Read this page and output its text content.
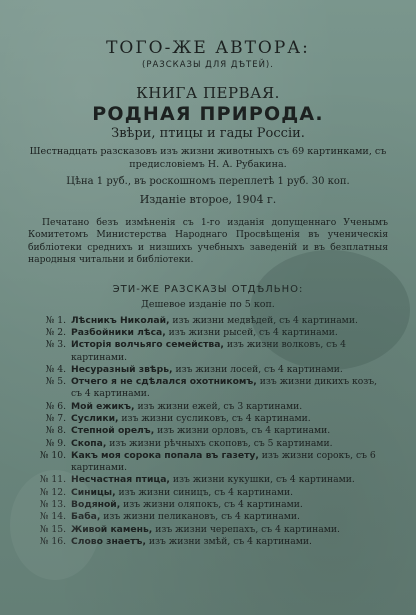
ТОГО-ЖЕ АВТОРА:

(РАЗСКАЗЫ ДЛЯ ДѢТЕЙ).

КНИГА ПЕРВАЯ.

РОДНАЯ ПРИРОДА.

Звѣри, птицы и гады Россіи.

Шестнадцать разсказовъ изъ жизни животныхъ съ 69 картинками, съ предисловіемъ Н. А. Рубакина.

Цѣна 1 руб., въ роскошномъ переплетѣ 1 руб. 30 коп.

Изданіе второе, 1904 г.

Печатано безъ измѣненія съ 1-го изданія допущеннаго Ученымъ Комитетомъ Министерства Народнаго Просвѣщенія въ ученическія библіотеки среднихъ и низшихъ учебныхъ заведеній и въ безплатныя народныя читальни и библіотеки.

ЭТИ-ЖЕ РАЗСКАЗЫ ОТДѢЛЬНО:

Дешевое изданіе по 5 коп.

№ 1. Лѣсникъ Николай, изъ жизни медвѣдей, съ 4 картинами.
№ 2. Разбойники лѣса, изъ жизни рысей, съ 4 картинами.
№ 3. Исторія волчьяго семейства, изъ жизни волковъ, съ 4 картинами.
№ 4. Несуразный звѣрь, изъ жизни лосей, съ 4 картинами.
№ 5. Отчего я не сдѣлался охотникомъ, изъ жизни дикихъ козъ, съ 4 картинами.
№ 6. Мой ежикъ, изъ жизни ежей, съ 3 картинами.
№ 7. Суслики, изъ жизни сусликовъ, съ 4 картинами.
№ 8. Степной орелъ, изъ жизни орловъ, съ 4 картинами.
№ 9. Скопа, изъ жизни рѣчныхъ скоповъ, съ 5 картинами.
№ 10. Какъ моя сорока попала въ газету, изъ жизни сорокъ, съ 6 картинами.
№ 11. Несчастная птица, изъ жизни кукушки, съ 4 картинами.
№ 12. Синицы, изъ жизни синицъ, съ 4 картинами.
№ 13. Водяной, изъ жизни оляпокъ, съ 4 картинами.
№ 14. Баба, изъ жизни пеликановъ, съ 4 картинами.
№ 15. Живой камень, изъ жизни черепахъ, съ 4 картинами.
№ 16. Слово знаетъ, изъ жизни змѣй, съ 4 картинами.
